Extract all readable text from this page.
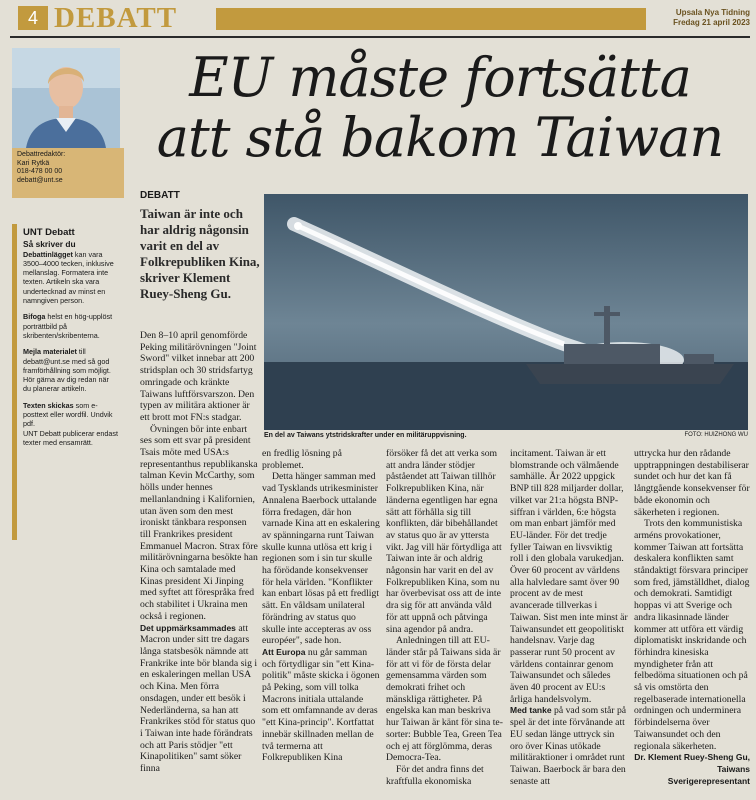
4 DEBATT	Upsala Nya Tidning
Fredag 21 april 2023
Debattredaktör:
Kari Rytkä
018-478 00 00
debatt@unt.se
UNT Debatt
Så skriver du

Debattinlägget kan vara 3500–4000 tecken, inklusive mellanslag. Formatera inte texten. Artikeln ska vara undertecknad av minst en namngiven person.

Bifoga helst en hög-upplöst porträttbild på skribenten/skribenterna.

Mejla materialet till debatt@unt.se med så god framförhållning som möjligt. Hör gärna av dig redan när du planerar artikeln.

Texten skickas som e-posttext eller wordfil. Undvik pdf.
UNT Debatt publicerar endast texter med ensamrätt.

EU måste fortsätta
att stå bakom Taiwan
DEBATT
Taiwan är inte och har aldrig någonsin varit en del av Folkrepubliken Kina, skriver Klement Ruey-Sheng Gu.
En del av Taiwans ytstridskrafter under en militäruppvisning.	FOTO: HUIZHONG WU

Den 8–10 april genomförde Peking militärövningen "Joint Sword" vilket innebar att 200 stridsplan och 30 stridsfartyg omringade och kränkte Taiwans luftförsvarszon. Den typen av militära aktioner är ett brott mot FN:s stadgar.

Övningen bör inte enbart ses som ett svar på president Tsais möte med USA:s representanthus republikanska talman Kevin McCarthy, som hölls under hennes mellanlandning i Kalifornien, utan även som den mest ironiskt tänkbara responsen till Frankrikes president Emmanuel Macron. Strax före militärövningarna besökte han Kina och samtalade med Kinas president Xi Jinping med syftet att förespråka fred och stabilitet i Ukraina men också i regionen.

Det uppmärksammades att Macron under sitt tre dagars långa statsbesök nämnde att Frankrike inte bör blanda sig i en eskaleringen mellan USA och Kina. Men förra onsdagen, under ett besök i Nederländerna, sa han att Frankrikes stöd för status quo i Taiwan inte hade förändrats och att Paris stödjer "ett Kinapolitiken" samt söker finna

en fredlig lösning på problemet.

Detta hänger samman med vad Tysklands utrikesminister Annalena Baerbock uttalande förra fredagen, där hon varnade Kina att en eskalering av spänningarna runt Taiwan skulle kunna utlösa ett krig i regionen som i sin tur skulle ha förödande konsekvenser för hela världen. "Konflikter kan enbart lösas på ett fredligt sätt. En våldsam unilateral förändring av status quo skulle inte accepteras av oss européer", sade hon.

Att Europa nu går samman och förtydligar sin "ett Kina-politik" måste skicka i ögonen på Peking, som vill tolka Macrons initiala uttalande som ett omfamnande av deras "ett Kina-princip". Kortfattat innebär skillnaden mellan de två termerna att Folkrepubliken Kina

försöker få det att verka som att andra länder stödjer påståendet att Taiwan tillhör Folkrepubliken Kina, när länderna egentligen har egna sätt att förhålla sig till konflikten, där bibehållandet av status quo är av yttersta vikt. Jag vill här förtydliga att Taiwan inte är och aldrig någonsin har varit en del av Folkrepubliken Kina, som nu har överbevisat oss att de inte dra sig för att använda våld för att uppnå och påtvinga sina agendor på andra.

Anledningen till att EU-länder står på Taiwans sida är för att vi för de första delar gemensamma värden som demokrati frihet och mänskliga rättigheter. På engelska kan man beskriva hur Taiwan är känt för sina te-sorter: Bubble Tea, Green Tea och ej att förglömma, deras Democra-Tea.

För det andra finns det kraftfulla ekonomiska

incitament. Taiwan är ett blomstrande och välmående samhälle. År 2022 uppgick BNP till 828 miljarder dollar, vilket var 21:a högsta BNP-siffran i världen, 6:e högsta om man enbart jämför med EU-länder. För det tredje fyller Taiwan en livsviktig roll i den globala varukedjan. Över 60 procent av världens alla halvledare samt över 90 procent av de mest avancerade tillverkas i Taiwan. Sist men inte minst är Taiwansundet ett geopolitiskt handelsnav. Varje dag passerar runt 50 procent av världens containrar genom Taiwansundet och således även 40 procent av EU:s årliga handelsvolym.

Med tanke på vad som står på spel är det inte förvånande att EU sedan länge uttryck sin oro över Kinas utökade militäraktioner i området runt Taiwan. Baerbock är bara den senaste att

uttrycka hur den rådande upptrappningen destabiliserar sundet och hur det kan få långtgående konsekvenser för både ekonomin och säkerheten i regionen.

Trots den kommunistiska arméns provokationer, kommer Taiwan att fortsätta deskalera konflikten samt ståndaktigt försvara principer som fred, jämställdhet, dialog och demokrati. Samtidigt hoppas vi att Sverige och andra likasinnade länder kommer att utföra ett värdig diplomatiskt inskridande och förhindra kinesiska myndigheter från att felbedöma situationen och på så vis omstörta den regelbaserade internationella ordningen och underminera förbindelserna över Taiwansundet och den regionala säkerheten.

Dr. Klement Ruey-Sheng Gu, Taiwans Sverigerepresentant
